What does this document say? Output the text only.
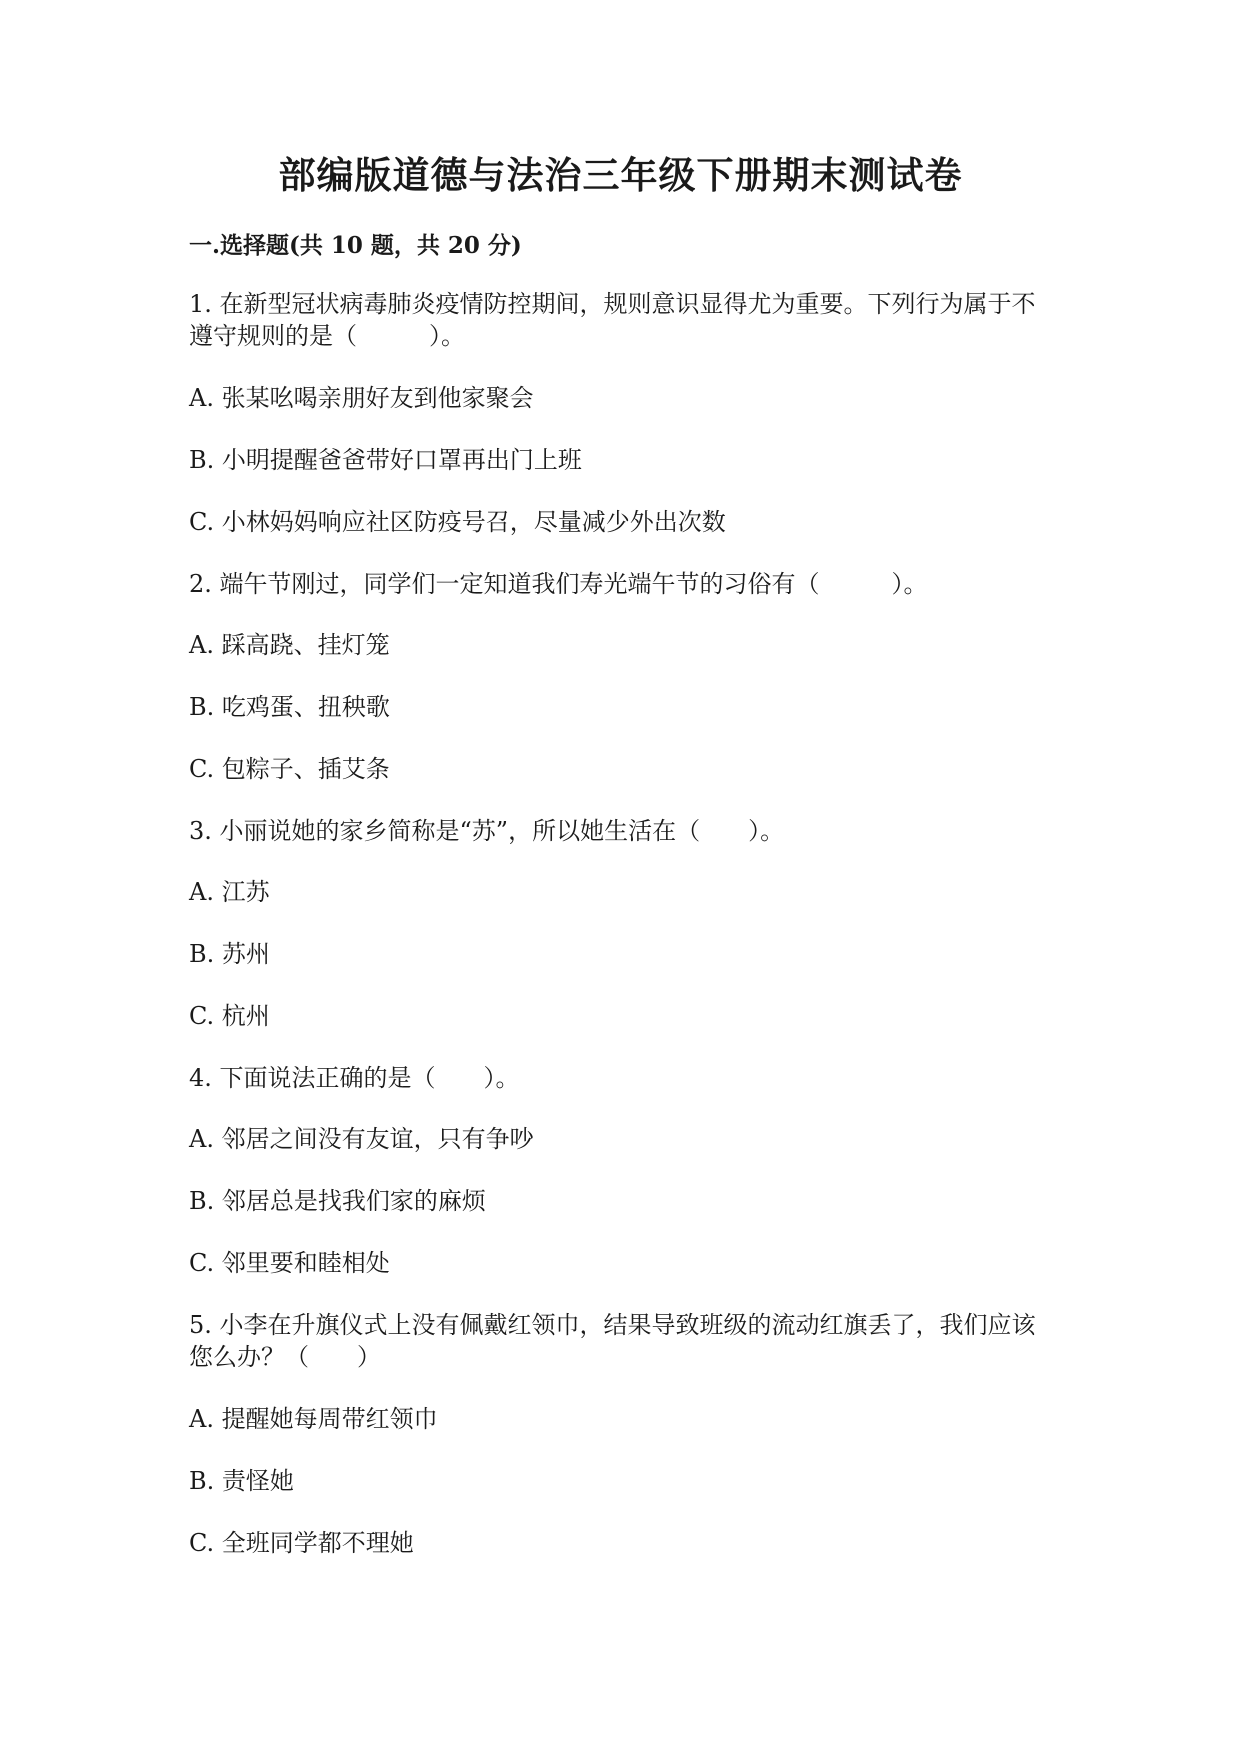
部编版道德与法治三年级下册期末测试卷
一.选择题(共 10 题，共 20 分)

1. 在新型冠状病毒肺炎疫情防控期间，规则意识显得尤为重要。下列行为属于不遵守规则的是（　　　）。

A. 张某吆喝亲朋好友到他家聚会

B. 小明提醒爸爸带好口罩再出门上班

C. 小林妈妈响应社区防疫号召，尽量减少外出次数

2. 端午节刚过，同学们一定知道我们寿光端午节的习俗有（　　　）。

A. 踩高跷、挂灯笼

B. 吃鸡蛋、扭秧歌

C. 包粽子、插艾条

3. 小丽说她的家乡简称是“苏”，所以她生活在（　　）。

A. 江苏

B. 苏州

C. 杭州

4. 下面说法正确的是（　　）。

A. 邻居之间没有友谊，只有争吵

B. 邻居总是找我们家的麻烦

C. 邻里要和睦相处

5. 小李在升旗仪式上没有佩戴红领巾，结果导致班级的流动红旗丢了，我们应该您么办？（　　）

A. 提醒她每周带红领巾

B. 责怪她

C. 全班同学都不理她
